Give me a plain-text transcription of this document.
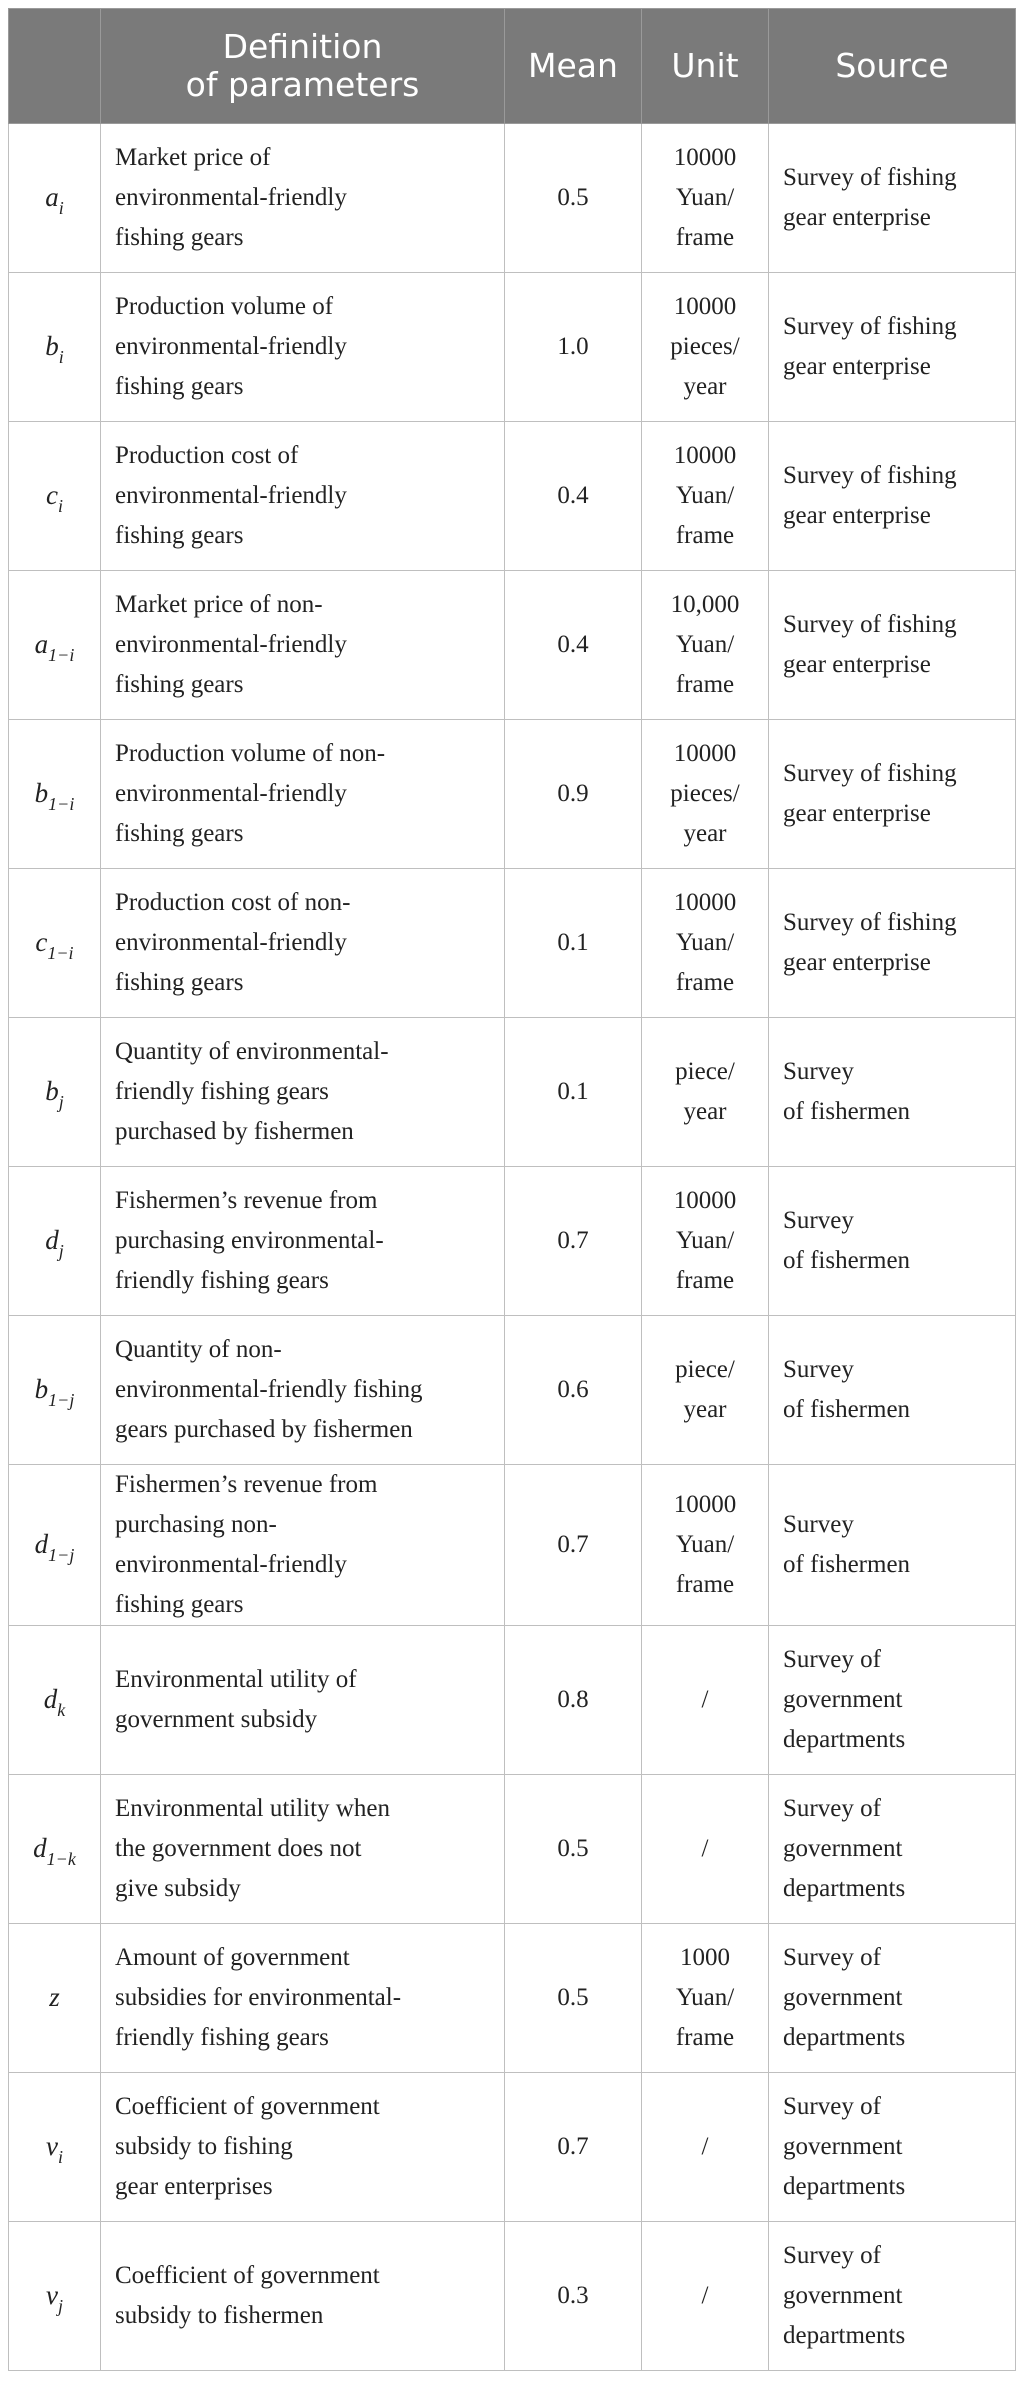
	Definition
of parameters	Mean	Unit	Source
$a_i$	Market price of
environmental-friendly
fishing gears	0.5	10000
Yuan/
frame	Survey of fishing
gear enterprise

$b_i$	Production volume of
environmental-friendly
fishing gears	1.0	10000
pieces/
year	Survey of fishing
gear enterprise

$c_i$	Production cost of
environmental-friendly
fishing gears	0.4	10000
Yuan/
frame	Survey of fishing
gear enterprise

$a_{1-i}$	Market price of non-
environmental-friendly
fishing gears	0.4	10,000
Yuan/
frame	Survey of fishing
gear enterprise

$b_{1-i}$	Production volume of non-
environmental-friendly
fishing gears	0.9	10000
pieces/
year	Survey of fishing
gear enterprise

$c_{1-i}$	Production cost of non-
environmental-friendly
fishing gears	0.1	10000
Yuan/
frame	Survey of fishing
gear enterprise

$b_j$	Quantity of environmental-
friendly fishing gears
purchased by fishermen	0.1	piece/
year	Survey
of fishermen

$d_j$	Fishermen’s revenue from
purchasing environmental-
friendly fishing gears	0.7	10000
Yuan/
frame	Survey
of fishermen

$b_{1-j}$	Quantity of non-
environmental-friendly fishing
gears purchased by fishermen	0.6	piece/
year	Survey
of fishermen

$d_{1-j}$	Fishermen’s revenue from
purchasing non-
environmental-friendly
fishing gears	0.7	10000
Yuan/
frame	Survey
of fishermen

$d_k$	Environmental utility of
government subsidy	0.8	/	Survey of
government
departments

$d_{1-k}$	Environmental utility when
the government does not
give subsidy	0.5	/	Survey of
government
departments

z	Amount of government
subsidies for environmental-
friendly fishing gears	0.5	1000
Yuan/
frame	Survey of
government
departments

$v_i$	Coefficient of government
subsidy to fishing
gear enterprises	0.7	/	Survey of
government
departments

$v_j$	Coefficient of government
subsidy to fishermen	0.3	/	Survey of
government
departments
